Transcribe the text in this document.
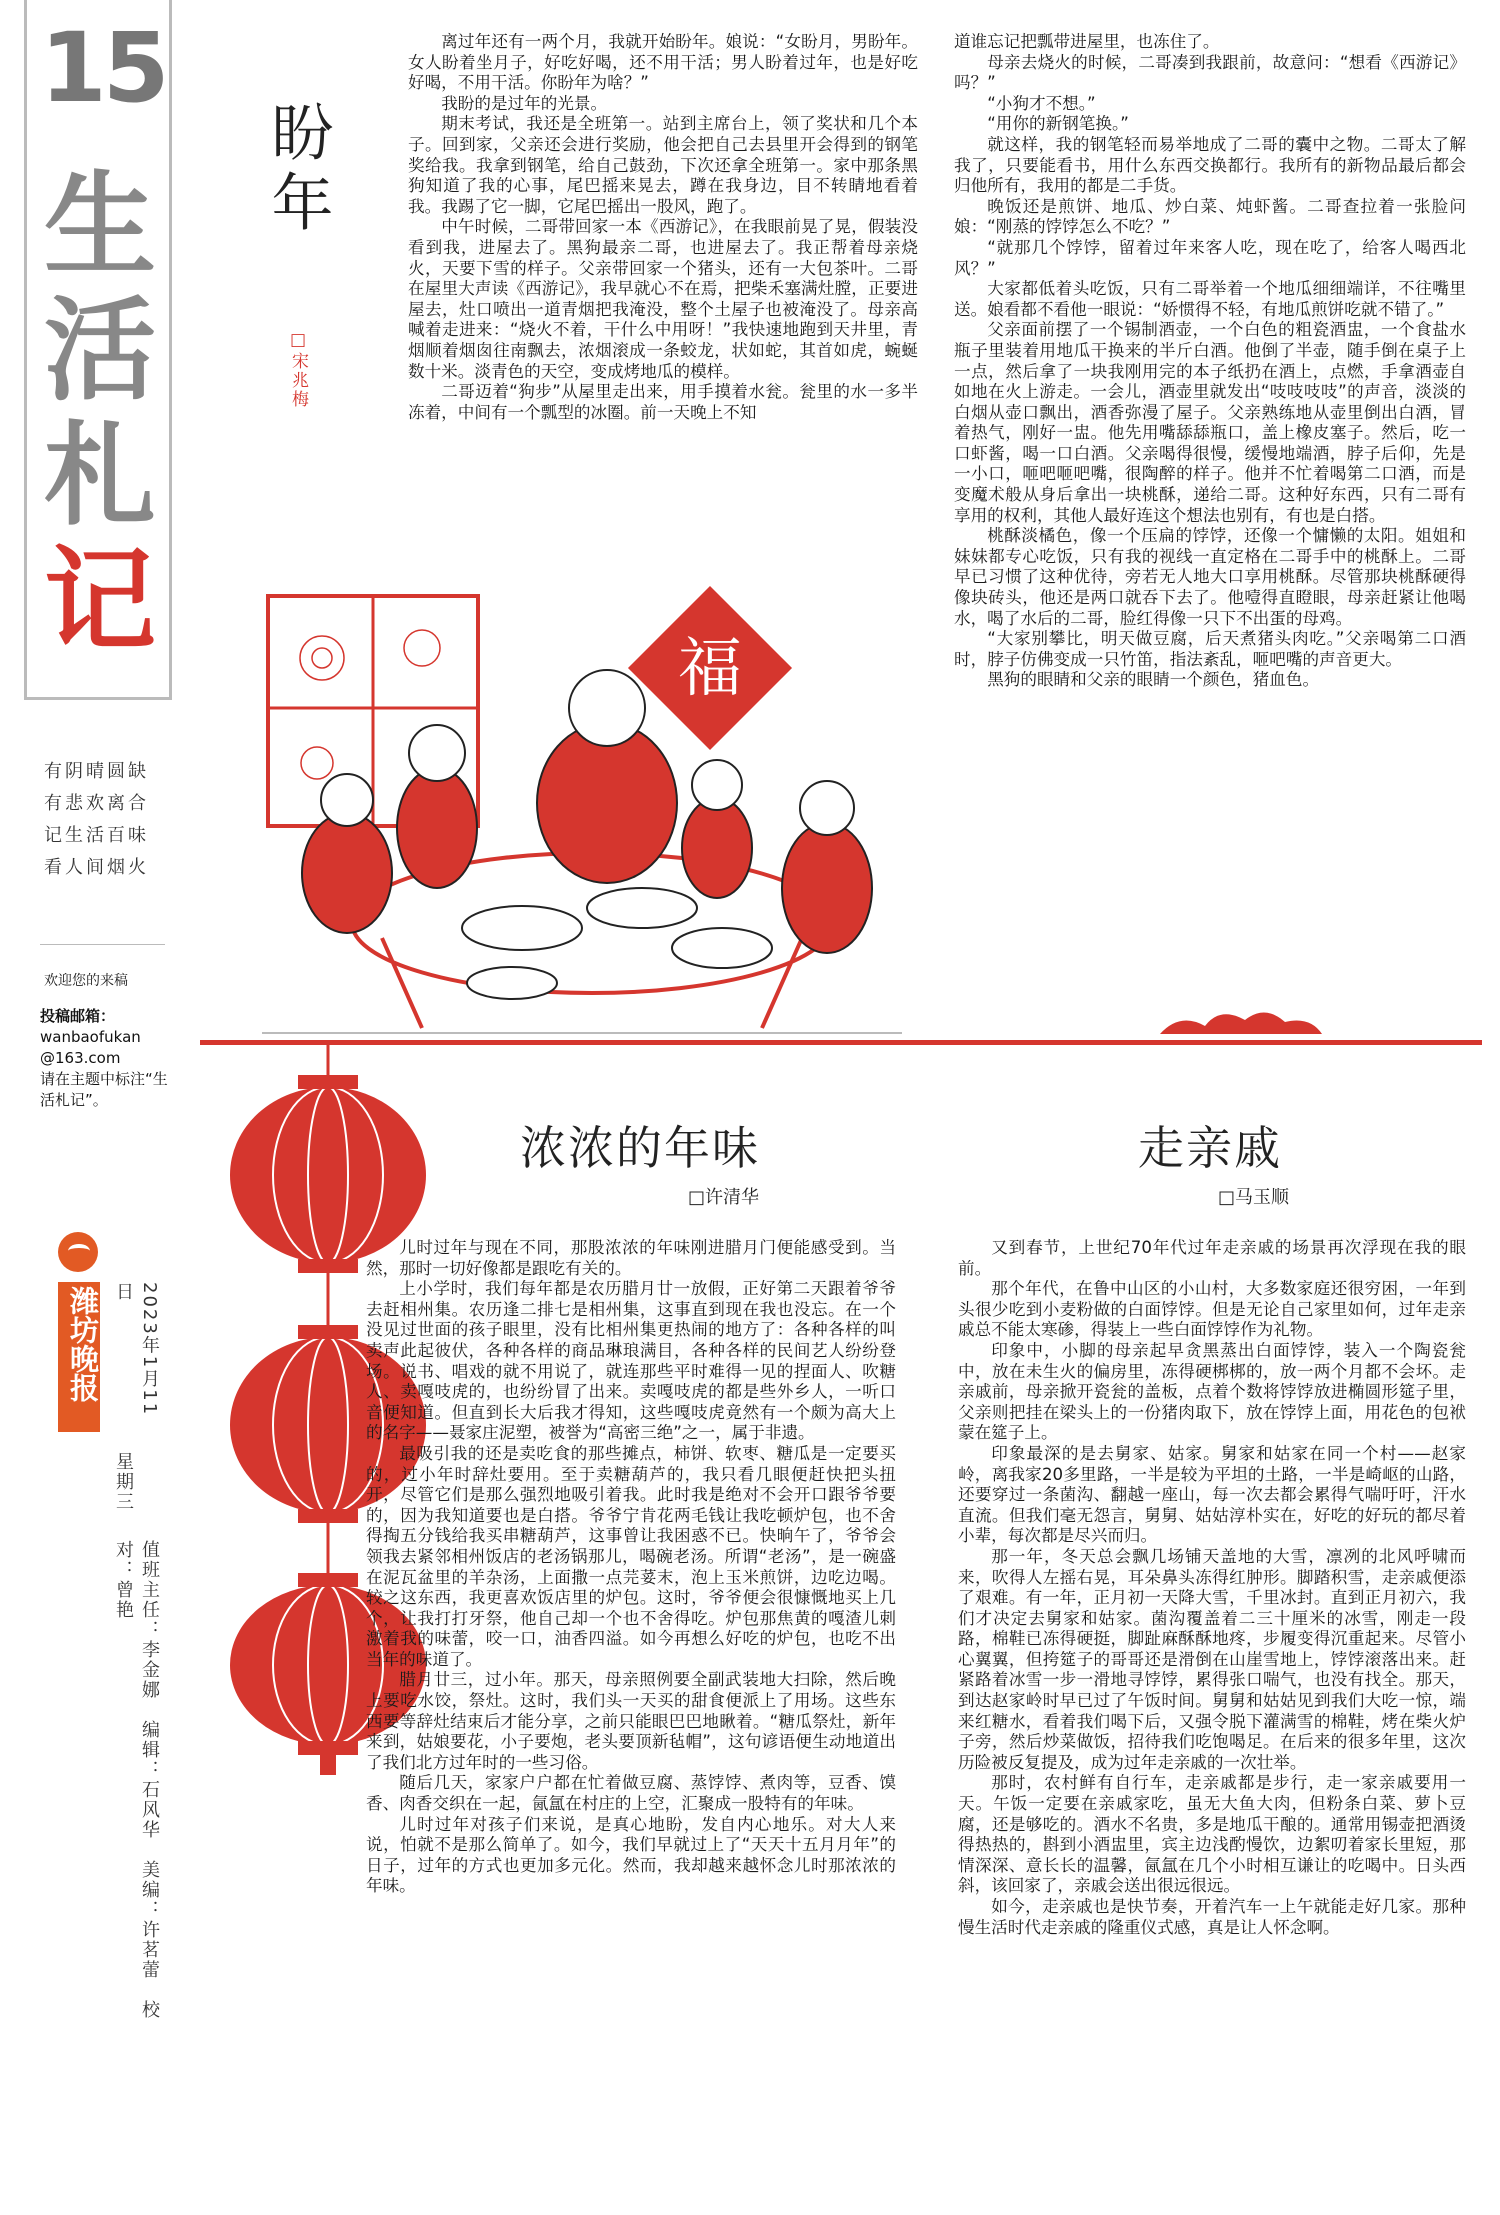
15
生
活
札
记
有阴晴圆缺
有悲欢离合
记生活百味
看人间烟火
欢迎您的来稿
投稿邮箱：
wanbaofukan
@163.com
请在主题中标注“生活札记”。
潍坊晚报	2023年1月11日
星期三
值班主任：李金娜　编辑：石风华　美编：许茗蕾　校对：曾艳
盼年
□宋兆梅

离过年还有一两个月，我就开始盼年。娘说：“女盼月，男盼年。女人盼着坐月子，好吃好喝，还不用干活；男人盼着过年，也是好吃好喝，不用干活。你盼年为啥？”

我盼的是过年的光景。

期末考试，我还是全班第一。站到主席台上，领了奖状和几个本子。回到家，父亲还会进行奖励，他会把自己去县里开会得到的钢笔奖给我。我拿到钢笔，给自己鼓劲，下次还拿全班第一。家中那条黑狗知道了我的心事，尾巴摇来晃去，蹲在我身边，目不转睛地看着我。我踢了它一脚，它尾巴摇出一股风，跑了。

中午时候，二哥带回家一本《西游记》，在我眼前晃了晃，假装没看到我，进屋去了。黑狗最亲二哥，也进屋去了。我正帮着母亲烧火，天要下雪的样子。父亲带回家一个猪头，还有一大包茶叶。二哥在屋里大声读《西游记》，我早就心不在焉，把柴禾塞满灶膛，正要进屋去，灶口喷出一道青烟把我淹没，整个土屋子也被淹没了。母亲高喊着走进来：“烧火不着，干什么中用呀！”我快速地跑到天井里，青烟顺着烟囱往南飘去，浓烟滚成一条蛟龙，状如蛇，其首如虎，蜿蜒数十米。淡青色的天空，变成烤地瓜的模样。

二哥迈着“狗步”从屋里走出来，用手摸着水瓮。瓮里的水一多半冻着，中间有一个瓢型的冰圈。前一天晚上不知

道谁忘记把瓢带进屋里，也冻住了。

母亲去烧火的时候，二哥凑到我跟前，故意问：“想看《西游记》吗？”

“小狗才不想。”

“用你的新钢笔换。”

就这样，我的钢笔轻而易举地成了二哥的囊中之物。二哥太了解我了，只要能看书，用什么东西交换都行。我所有的新物品最后都会归他所有，我用的都是二手货。

晚饭还是煎饼、地瓜、炒白菜、炖虾酱。二哥查拉着一张脸问娘：“刚蒸的饽饽怎么不吃？”

“就那几个饽饽，留着过年来客人吃，现在吃了，给客人喝西北风？”

大家都低着头吃饭，只有二哥举着一个地瓜细细端详，不往嘴里送。娘看都不看他一眼说：“娇惯得不轻，有地瓜煎饼吃就不错了。”

父亲面前摆了一个锡制酒壶，一个白色的粗瓷酒盅，一个食盐水瓶子里装着用地瓜干换来的半斤白酒。他倒了半壶，随手倒在桌子上一点，然后拿了一块我刚用完的本子纸扔在酒上，点燃，手拿酒壶自如地在火上游走。一会儿，酒壶里就发出“吱吱吱吱”的声音，淡淡的白烟从壶口飘出，酒香弥漫了屋子。父亲熟练地从壶里倒出白酒，冒着热气，刚好一盅。他先用嘴舔舔瓶口，盖上橡皮塞子。然后，吃一口虾酱，喝一口白酒。父亲喝得很慢，缓慢地端酒，脖子后仰，先是一小口，咂吧咂吧嘴，很陶醉的样子。他并不忙着喝第二口酒，而是变魔术般从身后拿出一块桃酥，递给二哥。这种好东西，只有二哥有享用的权利，其他人最好连这个想法也别有，有也是白搭。

桃酥淡橘色，像一个压扁的饽饽，还像一个慵懒的太阳。姐姐和妹妹都专心吃饭，只有我的视线一直定格在二哥手中的桃酥上。二哥早已习惯了这种优待，旁若无人地大口享用桃酥。尽管那块桃酥硬得像块砖头，他还是两口就吞下去了。他噎得直瞪眼，母亲赶紧让他喝水，喝了水后的二哥，脸红得像一只下不出蛋的母鸡。

“大家别攀比，明天做豆腐，后天煮猪头肉吃。”父亲喝第二口酒时，脖子仿佛变成一只竹笛，指法紊乱，咂吧嘴的声音更大。

黑狗的眼睛和父亲的眼睛一个颜色，猪血色。

福
浓浓的年味
□许清华

儿时过年与现在不同，那股浓浓的年味刚进腊月门便能感受到。当然，那时一切好像都是跟吃有关的。

上小学时，我们每年都是农历腊月廿一放假，正好第二天跟着爷爷去赶相州集。农历逢二排七是相州集，这事直到现在我也没忘。在一个没见过世面的孩子眼里，没有比相州集更热闹的地方了：各种各样的叫卖声此起彼伏，各种各样的商品琳琅满目，各种各样的民间艺人纷纷登场。说书、唱戏的就不用说了，就连那些平时难得一见的捏面人、吹糖人、卖嘎吱虎的，也纷纷冒了出来。卖嘎吱虎的都是些外乡人，一听口音便知道。但直到长大后我才得知，这些嘎吱虎竟然有一个颇为高大上的名字——聂家庄泥塑，被誉为“高密三绝”之一，属于非遗。

最吸引我的还是卖吃食的那些摊点，柿饼、软枣、糖瓜是一定要买的，过小年时辞灶要用。至于卖糖葫芦的，我只看几眼便赶快把头扭开，尽管它们是那么强烈地吸引着我。此时我是绝对不会开口跟爷爷要的，因为我知道要也是白搭。爷爷宁肯花两毛钱让我吃顿炉包，也不舍得掏五分钱给我买串糖葫芦，这事曾让我困惑不已。快晌午了，爷爷会领我去紧邻相州饭店的老汤锅那儿，喝碗老汤。所谓“老汤”，是一碗盛在泥瓦盆里的羊杂汤，上面撒一点芫荽末，泡上玉米煎饼，边吃边喝。较之这东西，我更喜欢饭店里的炉包。这时，爷爷便会很慷慨地买上几个，让我打打牙祭，他自己却一个也不舍得吃。炉包那焦黄的嘎渣儿刺激着我的味蕾，咬一口，油香四溢。如今再想么好吃的炉包，也吃不出当年的味道了。

腊月廿三，过小年。那天，母亲照例要全副武装地大扫除，然后晚上要吃水饺，祭灶。这时，我们头一天买的甜食便派上了用场。这些东西要等辞灶结束后才能分享，之前只能眼巴巴地瞅着。“糖瓜祭灶，新年来到，姑娘要花，小子要炮，老头要顶新毡帽”，这句谚语便生动地道出了我们北方过年时的一些习俗。

随后几天，家家户户都在忙着做豆腐、蒸饽饽、煮肉等，豆香、馍香、肉香交织在一起，氤氲在村庄的上空，汇聚成一股特有的年味。

儿时过年对孩子们来说，是真心地盼，发自内心地乐。对大人来说，怕就不是那么简单了。如今，我们早就过上了“天天十五月月年”的日子，过年的方式也更加多元化。然而，我却越来越怀念儿时那浓浓的年味。

走亲戚
□马玉顺

又到春节，上世纪70年代过年走亲戚的场景再次浮现在我的眼前。

那个年代，在鲁中山区的小山村，大多数家庭还很穷困，一年到头很少吃到小麦粉做的白面饽饽。但是无论自己家里如何，过年走亲戚总不能太寒碜，得装上一些白面饽饽作为礼物。

印象中，小脚的母亲起早贪黑蒸出白面饽饽，装入一个陶瓷瓮中，放在未生火的偏房里，冻得硬梆梆的，放一两个月都不会坏。走亲戚前，母亲掀开瓷瓮的盖板，点着个数将饽饽放进椭圆形筵子里，父亲则把挂在梁头上的一份猪肉取下，放在饽饽上面，用花色的包袱蒙在筵子上。

印象最深的是去舅家、姑家。舅家和姑家在同一个村——赵家岭，离我家20多里路，一半是较为平坦的土路，一半是崎岖的山路，还要穿过一条菌沟、翻越一座山，每一次去都会累得气喘吁吁，汗水直流。但我们毫无怨言，舅舅、姑姑淳朴实在，好吃的好玩的都尽着小辈，每次都是尽兴而归。

那一年，冬天总会飘几场铺天盖地的大雪，凛冽的北风呼啸而来，吹得人左摇右晃，耳朵鼻头冻得红肿形。脚踏积雪，走亲戚便添了艰难。有一年，正月初一天降大雪，千里冰封。直到正月初六，我们才决定去舅家和姑家。菌沟覆盖着二三十厘米的冰雪，刚走一段路，棉鞋已冻得硬挺，脚趾麻酥酥地疼，步履变得沉重起来。尽管小心翼翼，但挎筵子的哥哥还是滑倒在山崖雪地上，饽饽滚落出来。赶紧路着冰雪一步一滑地寻饽饽，累得张口喘气，也没有找全。那天，到达赵家岭时早已过了午饭时间。舅舅和姑姑见到我们大吃一惊，端来红糖水，看着我们喝下后，又强令脱下灌满雪的棉鞋，烤在柴火炉子旁，然后炒菜做饭，招待我们吃饱喝足。在后来的很多年里，这次历险被反复提及，成为过年走亲戚的一次壮举。

那时，农村鲜有自行车，走亲戚都是步行，走一家亲戚要用一天。午饭一定要在亲戚家吃，虽无大鱼大肉，但粉条白菜、萝卜豆腐，还是够吃的。酒水不名贵，多是地瓜干酿的。通常用锡壶把酒烫得热热的，斟到小酒盅里，宾主边浅酌慢饮，边絮叨着家长里短，那情深深、意长长的温馨，氤氲在几个小时相互谦让的吃喝中。日头西斜，该回家了，亲戚会送出很远很远。

如今，走亲戚也是快节奏，开着汽车一上午就能走好几家。那种慢生活时代走亲戚的隆重仪式感，真是让人怀念啊。
